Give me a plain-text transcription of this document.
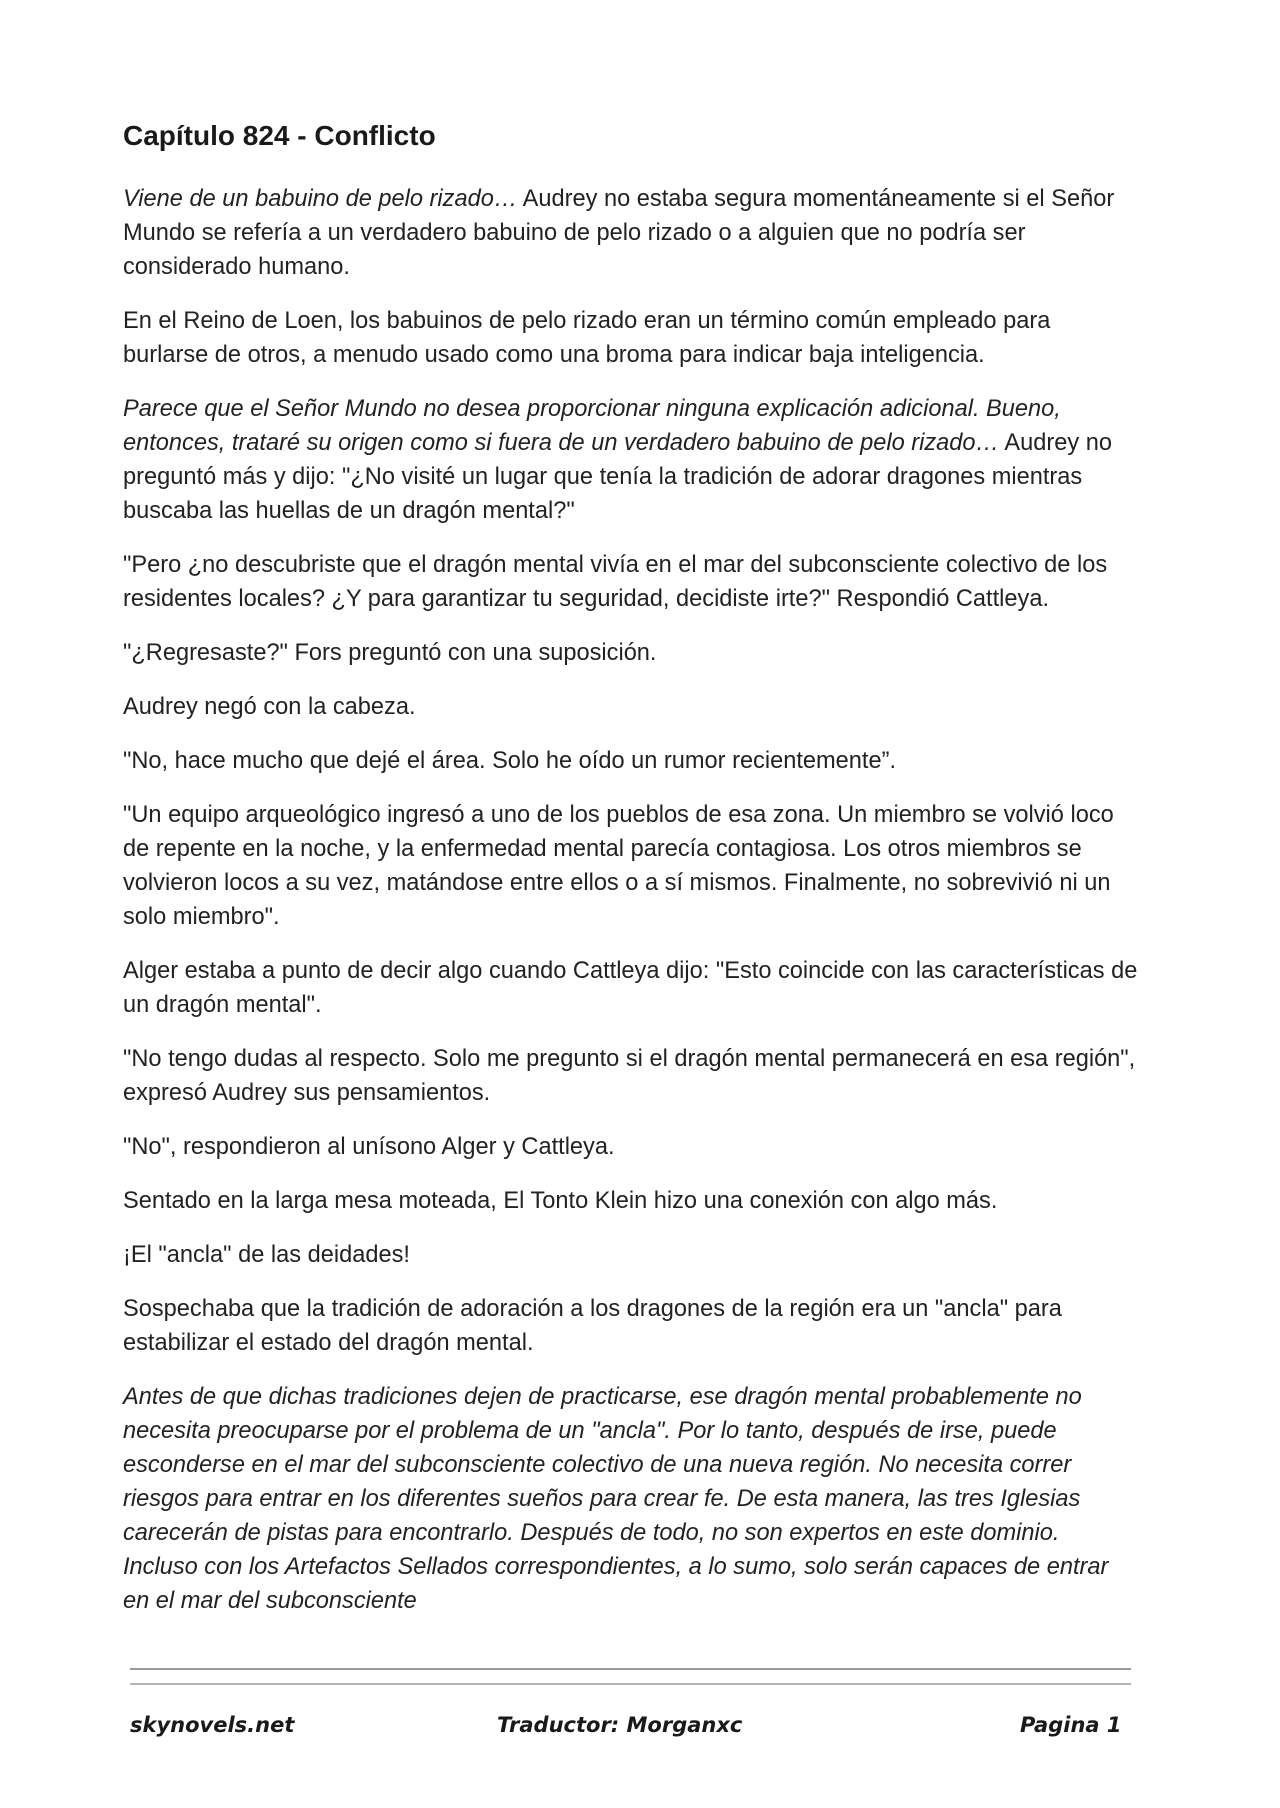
Capítulo 824 - Conflicto

Viene de un babuino de pelo rizado… Audrey no estaba segura momentáneamente si el Señor Mundo se refería a un verdadero babuino de pelo rizado o a alguien que no podría ser considerado humano.

En el Reino de Loen, los babuinos de pelo rizado eran un término común empleado para burlarse de otros, a menudo usado como una broma para indicar baja inteligencia.

Parece que el Señor Mundo no desea proporcionar ninguna explicación adicional. Bueno, entonces, trataré su origen como si fuera de un verdadero babuino de pelo rizado… Audrey no preguntó más y dijo: "¿No visité un lugar que tenía la tradición de adorar dragones mientras buscaba las huellas de un dragón mental?"

"Pero ¿no descubriste que el dragón mental vivía en el mar del subconsciente colectivo de los residentes locales? ¿Y para garantizar tu seguridad, decidiste irte?" Respondió Cattleya.

"¿Regresaste?" Fors preguntó con una suposición.

Audrey negó con la cabeza.

"No, hace mucho que dejé el área. Solo he oído un rumor recientemente”.

"Un equipo arqueológico ingresó a uno de los pueblos de esa zona. Un miembro se volvió loco de repente en la noche, y la enfermedad mental parecía contagiosa. Los otros miembros se volvieron locos a su vez, matándose entre ellos o a sí mismos. Finalmente, no sobrevivió ni un solo miembro".

Alger estaba a punto de decir algo cuando Cattleya dijo: "Esto coincide con las características de un dragón mental".

"No tengo dudas al respecto. Solo me pregunto si el dragón mental permanecerá en esa región", expresó Audrey sus pensamientos.

"No", respondieron al unísono Alger y Cattleya.

Sentado en la larga mesa moteada, El Tonto Klein hizo una conexión con algo más.

¡El "ancla" de las deidades!

Sospechaba que la tradición de adoración a los dragones de la región era un "ancla" para estabilizar el estado del dragón mental.

Antes de que dichas tradiciones dejen de practicarse, ese dragón mental probablemente no necesita preocuparse por el problema de un "ancla". Por lo tanto, después de irse, puede esconderse en el mar del subconsciente colectivo de una nueva región. No necesita correr riesgos para entrar en los diferentes sueños para crear fe. De esta manera, las tres Iglesias carecerán de pistas para encontrarlo. Después de todo, no son expertos en este dominio. Incluso con los Artefactos Sellados correspondientes, a lo sumo, solo serán capaces de entrar en el mar del subconsciente

skynovels.net	Traductor: Morganxc	Pagina 1
